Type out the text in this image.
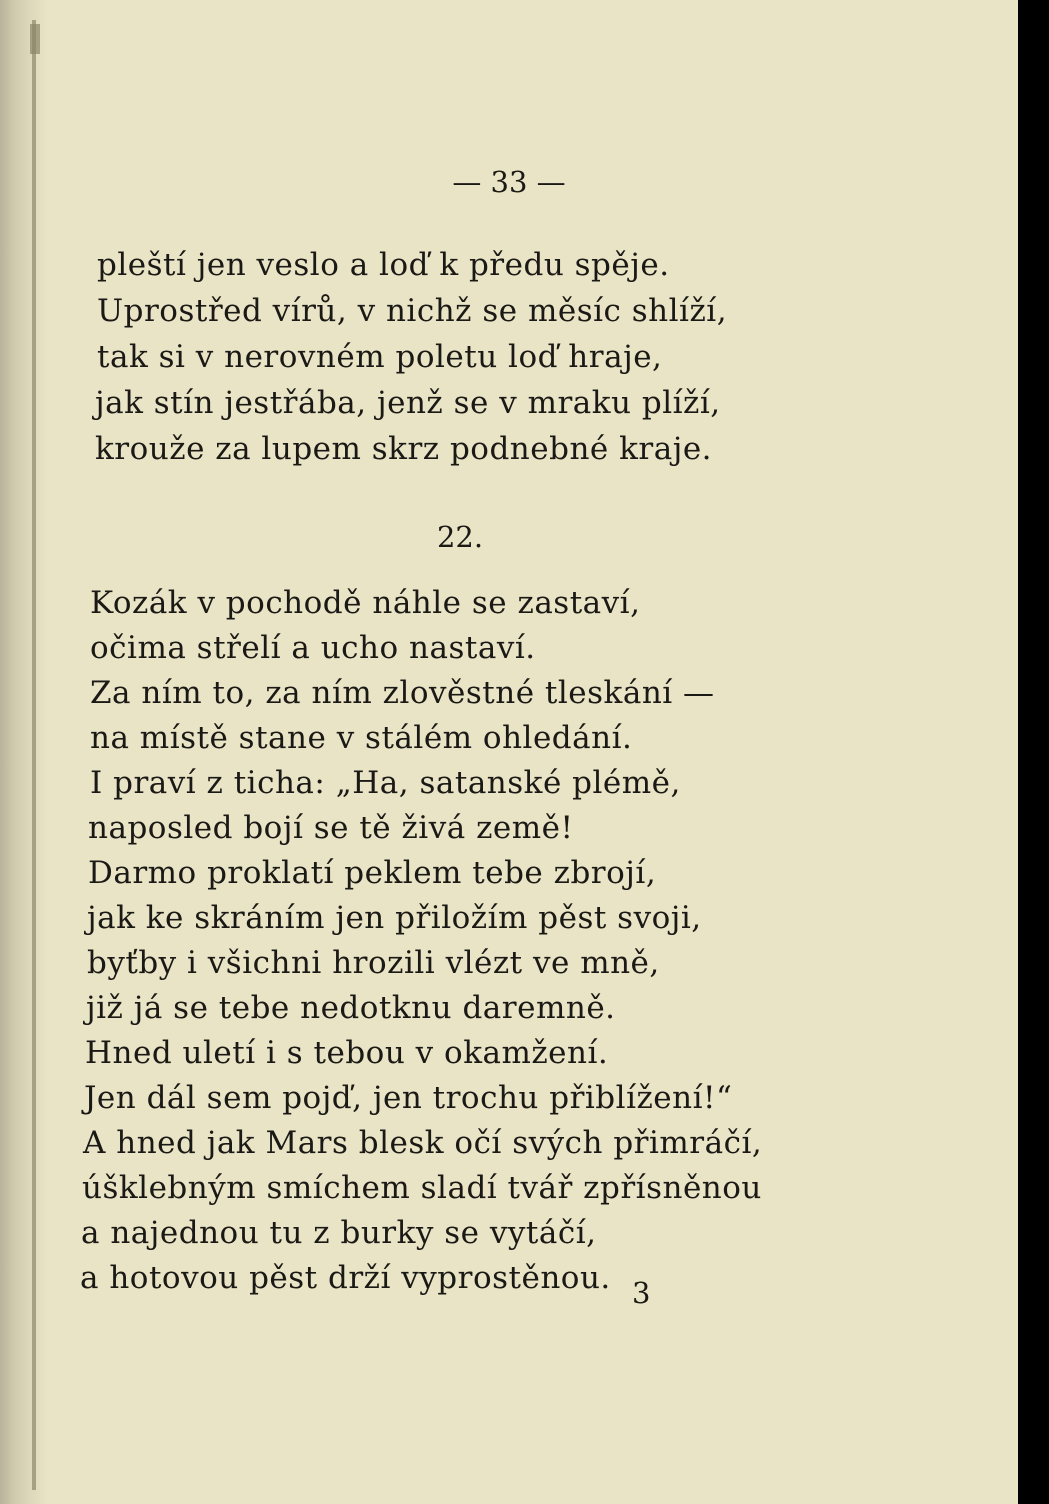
— 33 —
pleští jen veslo a loď k předu spěje.
Uprostřed vírů, v nichž se měsíc shlíží,
tak si v nerovném poletu loď hraje,
jak stín jestřába, jenž se v mraku plíží,
krouže za lupem skrz podnebné kraje.
22.
Kozák v pochodě náhle se zastaví,
očima střelí a ucho nastaví.
Za ním to, za ním zlověstné tleskání —
na místě stane v stálém ohledání.
I praví z ticha: „Ha, satanské plémě,
naposled bojí se tě živá země!
Darmo proklatí peklem tebe zbrojí,
jak ke skráním jen přiložím pěst svoji,
byťby i všichni hrozili vlézt ve mně,
již já se tebe nedotknu daremně.
Hned uletí i s tebou v okamžení.
Jen dál sem pojď, jen trochu přiblížení!“
A hned jak Mars blesk očí svých přimráčí,
úšklebným smíchem sladí tvář zpřísněnou
a najednou tu z burky se vytáčí,
a hotovou pěst drží vyprostěnou. 3
